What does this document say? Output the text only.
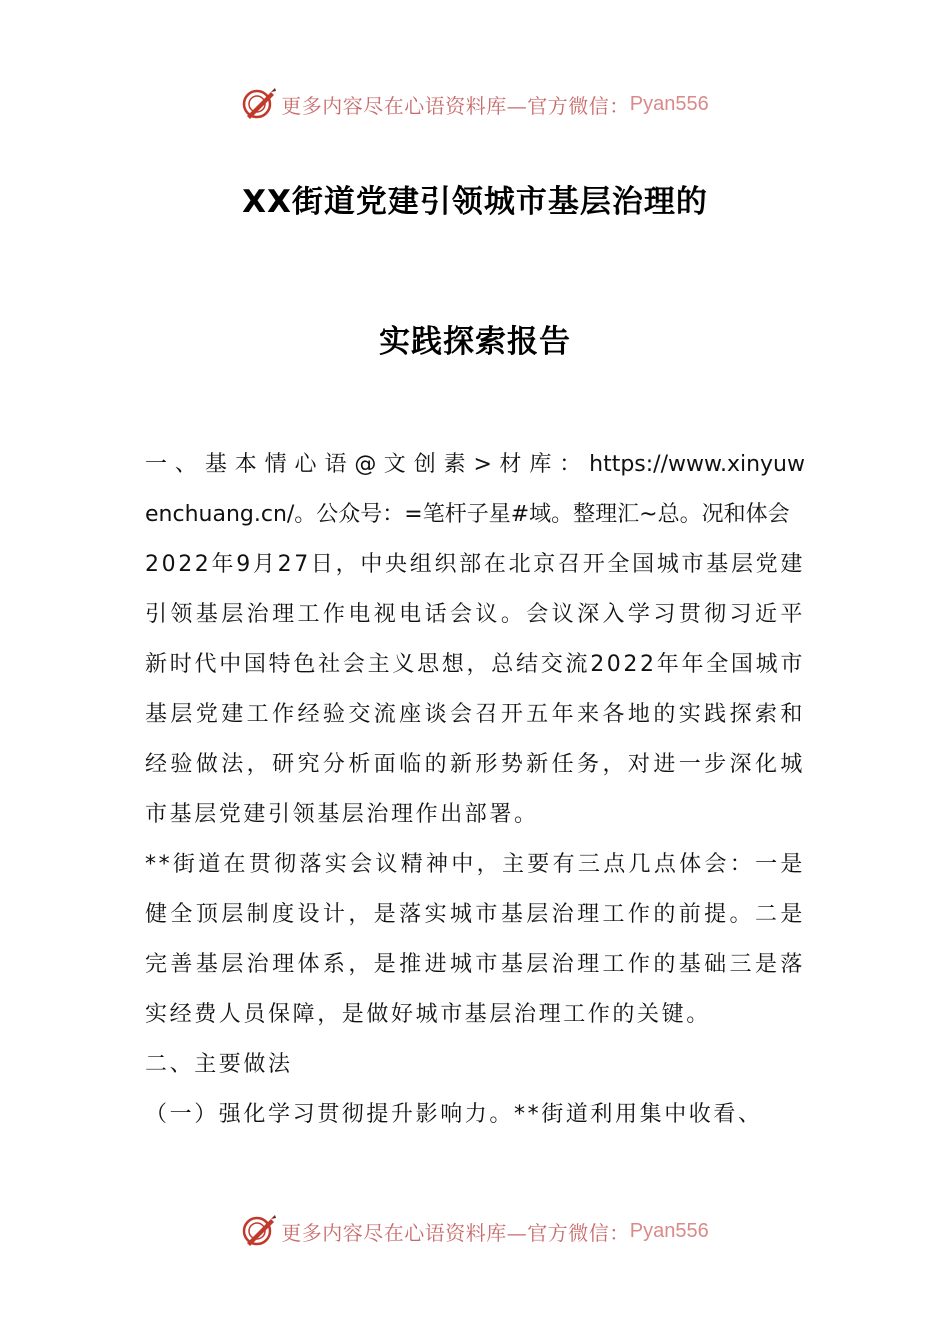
更多内容尽在心语资料库—官方微信： Pyan556
XX街道党建引领城市基层治理的
实践探索报告

一 、 基 本 情 心 语 @ 文 创 素 > 材 库 ： https://www.xinyuwenchuang.cn/。公众号：=笔杆子星#域。整理汇~总。况和体会

2022年9月27日，中央组织部在北京召开全国城市基层党建引领基层治理工作电视电话会议。会议深入学习贯彻习近平新时代中国特色社会主义思想，总结交流2022年年全国城市基层党建工作经验交流座谈会召开五年来各地的实践探索和经验做法，研究分析面临的新形势新任务，对进一步深化城市基层党建引领基层治理作出部署。

**街道在贯彻落实会议精神中，主要有三点几点体会：一是健全顶层制度设计，是落实城市基层治理工作的前提。二是完善基层治理体系，是推进城市基层治理工作的基础三是落实经费人员保障，是做好城市基层治理工作的关键。

二、主要做法

（一）强化学习贯彻提升影响力。**街道利用集中收看、

更多内容尽在心语资料库—官方微信： Pyan556
